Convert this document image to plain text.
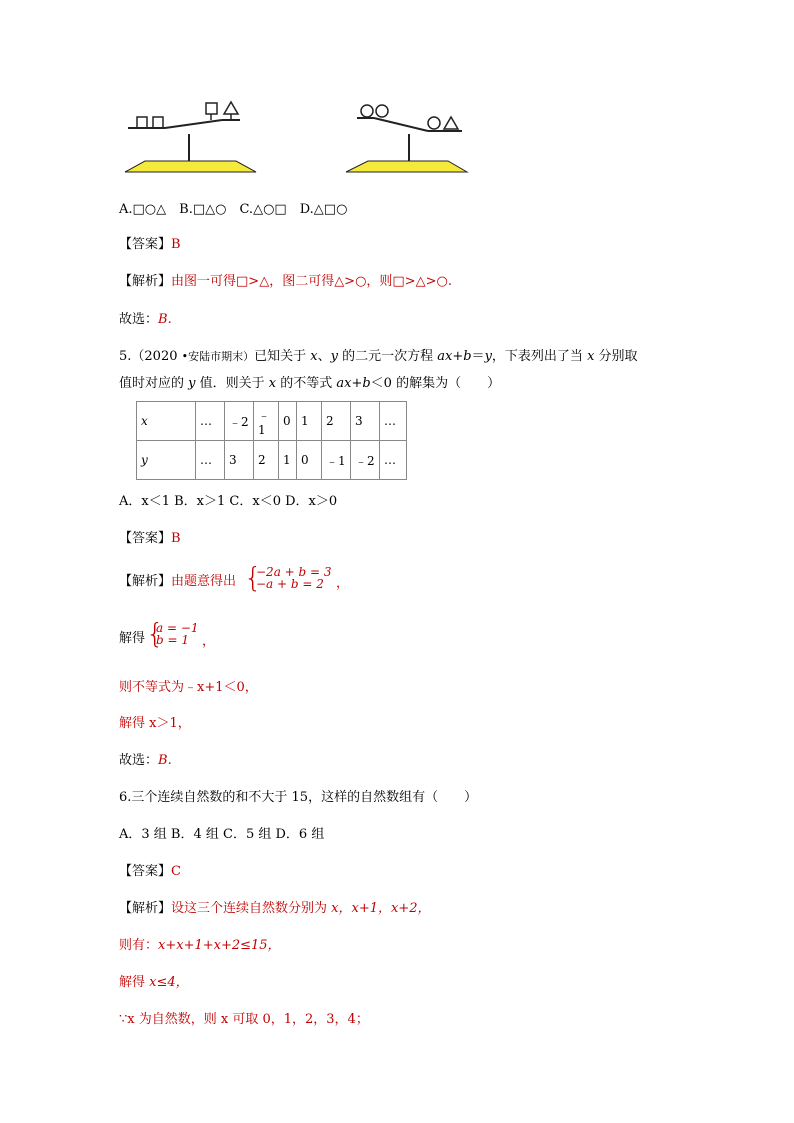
A.□○△　B.□△○　C.△○□　D.△□○
【答案】B
【解析】由图一可得□>△，图二可得△>○，则□>△>○.
故选：B.
5.（2020 •安陆市期末）已知关于 x、y 的二元一次方程 ax+b＝y，下表列出了当 x 分别取
值时对应的 y 值．则关于 x 的不等式 ax+b＜0 的解集为（　　）
x	…	﹣2	﹣1	0	1	2	3	…
y	…	3	2	1	0	﹣1	﹣2	…
A．x＜1 B．x＞1 C．x＜0 D．x＞0
【答案】B
【解析】由题意得出 {
−2a + b = 3
−a + b = 2 ，
解得 {
a = −1
b = 1	，
则不等式为﹣x+1＜0，
解得 x＞1，
故选：B.
6.三个连续自然数的和不大于 15，这样的自然数组有（　　）
A．3 组 B．4 组 C．5 组 D．6 组
【答案】C
【解析】设这三个连续自然数分别为 x，x+1，x+2，
则有：x+x+1+x+2≤15，
解得 x≤4，
∵x 为自然数，则 x 可取 0，1，2，3，4；
